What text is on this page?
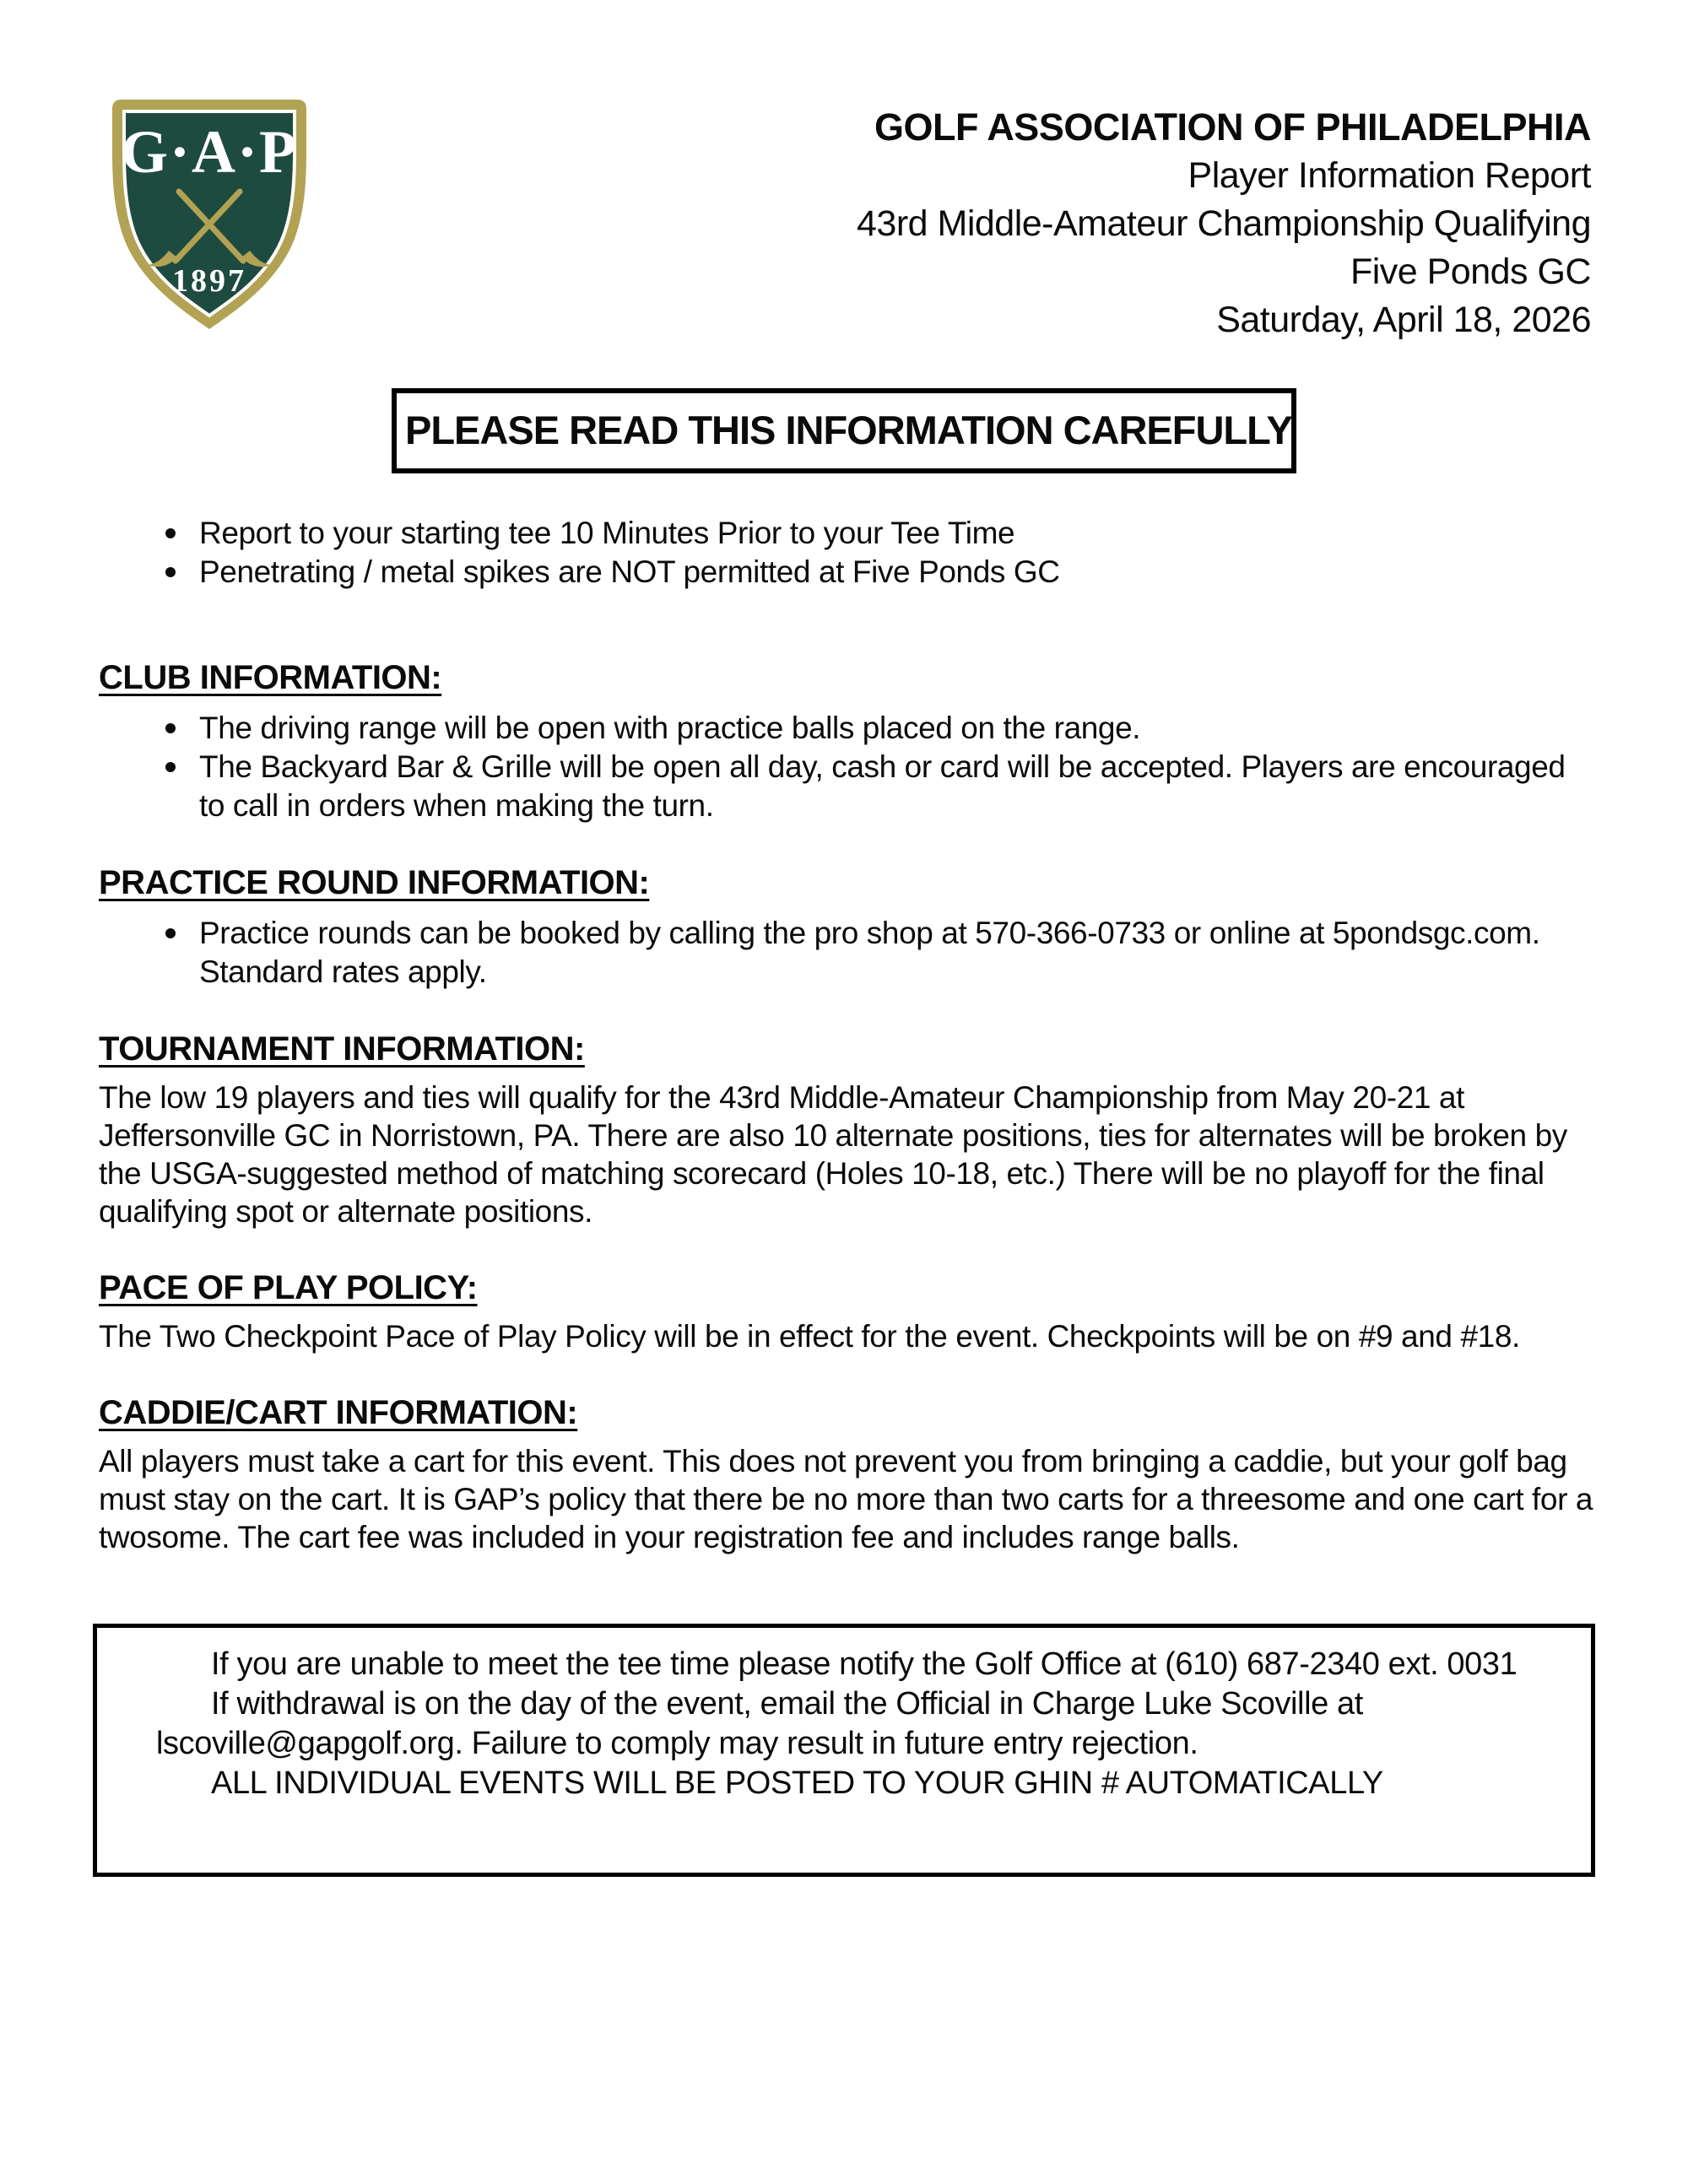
G·A·P
1897
GOLF ASSOCIATION OF PHILADELPHIA
Player Information Report
43rd Middle-Amateur Championship Qualifying
Five Ponds GC
Saturday, April 18, 2026
PLEASE READ THIS INFORMATION CAREFULLY
Report to your starting tee 10 Minutes Prior to your Tee Time
Penetrating / metal spikes are NOT permitted at Five Ponds GC
CLUB INFORMATION:
The driving range will be open with practice balls placed on the range.
The Backyard Bar & Grille will be open all day, cash or card will be accepted. Players are encouraged to call in orders when making the turn.
PRACTICE ROUND INFORMATION:
Practice rounds can be booked by calling the pro shop at 570-366-0733 or online at 5pondsgc.com. Standard rates apply.
TOURNAMENT INFORMATION:

The low 19 players and ties will qualify for the 43rd Middle-Amateur Championship from May 20-21 at Jeffersonville GC in Norristown, PA. There are also 10 alternate positions, ties for alternates will be broken by the USGA-suggested method of matching scorecard (Holes 10-18, etc.) There will be no playoff for the final qualifying spot or alternate positions.

PACE OF PLAY POLICY:

The Two Checkpoint Pace of Play Policy will be in effect for the event. Checkpoints will be on #9 and #18.

CADDIE/CART INFORMATION:

All players must take a cart for this event. This does not prevent you from bringing a caddie, but your golf bag must stay on the cart. It is GAP’s policy that there be no more than two carts for a threesome and one cart for a twosome. The cart fee was included in your registration fee and includes range balls.

If you are unable to meet the tee time please notify the Golf Office at (610) 687-2340 ext. 0031

If withdrawal is on the day of the event, email the Official in Charge Luke Scoville at lscoville@gapgolf.org. Failure to comply may result in future entry rejection.

ALL INDIVIDUAL EVENTS WILL BE POSTED TO YOUR GHIN # AUTOMATICALLY
